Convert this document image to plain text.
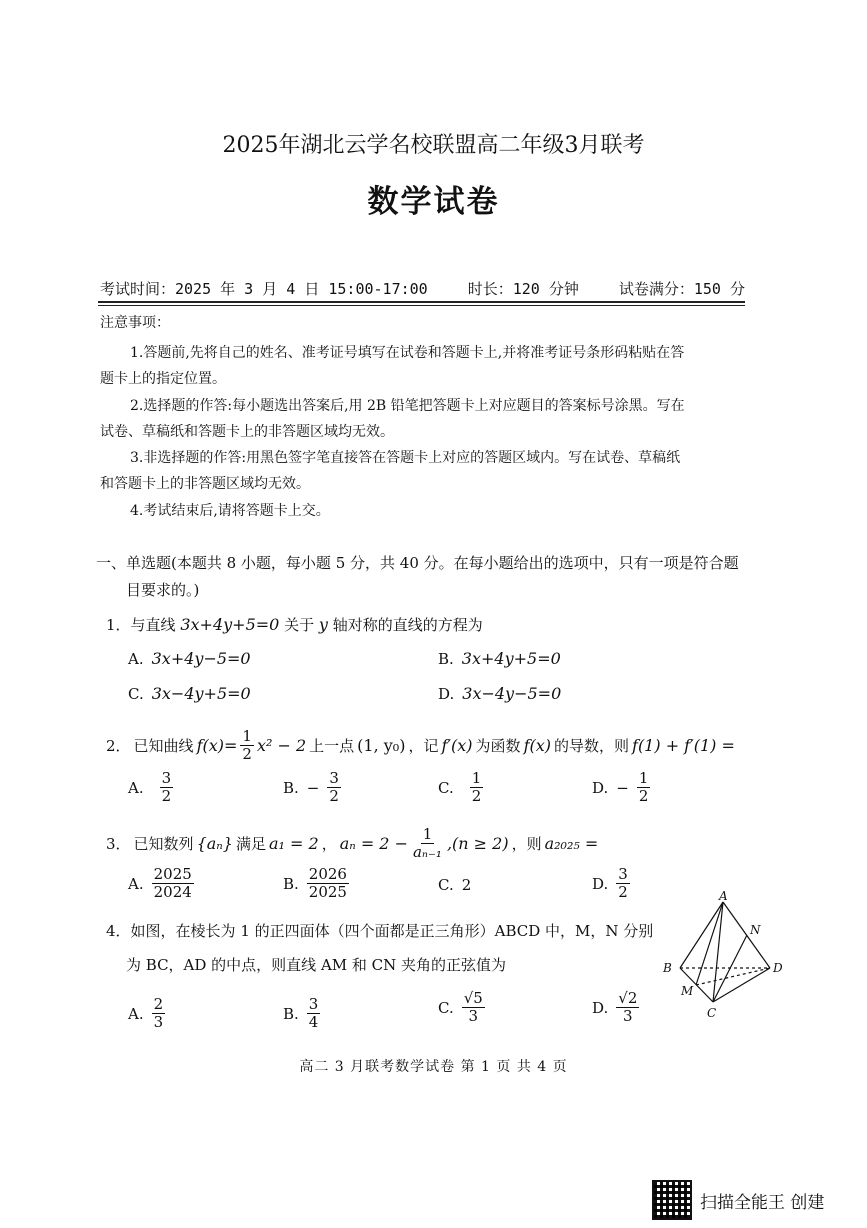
2025年湖北云学名校联盟高二年级3月联考
数学试卷
考试时间：2025 年 3 月 4 日 15:00-17:00	时长：120 分钟	试卷满分：150 分
注意事项：
1.答题前,先将自己的姓名、准考证号填写在试卷和答题卡上,并将准考证号条形码粘贴在答
题卡上的指定位置。
2.选择题的作答:每小题选出答案后,用 2B 铅笔把答题卡上对应题目的答案标号涂黑。写在
试卷、草稿纸和答题卡上的非答题区域均无效。
3.非选择题的作答:用黑色签字笔直接答在答题卡上对应的答题区域内。写在试卷、草稿纸
和答题卡上的非答题区域均无效。
4.考试结束后,请将答题卡上交。
一、单选题(本题共 8 小题，每小题 5 分，共 40 分。在每小题给出的选项中，只有一项是符合题
目要求的。)
1．与直线 3x+4y+5=0 关于 y 轴对称的直线的方程为
A. 3x+4y−5=0	B. 3x+4y+5=0
C. 3x−4y+5=0	D. 3x−4y−5=0
2． 已知曲线 $f(x)= \frac{1}{2} x^2 - 2$ 上一点 (1, y₀) ，记 f′(x) 为函数 f(x) 的导数，则 f(1) + f′(1) =
A. $\frac{3}{2}$	B. − $\frac{3}{2}$	C. $\frac{1}{2}$	D. − $\frac{1}{2}$
3． 已知数列 {aₙ} 满足 a₁ = 2 ， $a_n = 2 - \frac{1}{\text{aₙ₋₁}} ,(n \ge 2)$ ，则 a₂₀₂₅ =
A. $\frac{2025}{2024}$	B. $\frac{2026}{2025}$	C. 2	D. $\frac{3}{2}$
4．如图，在棱长为 1 的正四面体（四个面都是正三角形）ABCD 中，M，N 分别
为 BC，AD 的中点，则直线 AM 和 CN 夹角的正弦值为
A. $\frac{2}{3}$	B. $\frac{3}{4}$	C. $\frac{√5}{3}$	D. $\frac{√2}{3}$
A
B
C
D
M
N
高二 3 月联考数学试卷 第 1 页 共 4 页
扫描全能王 创建
